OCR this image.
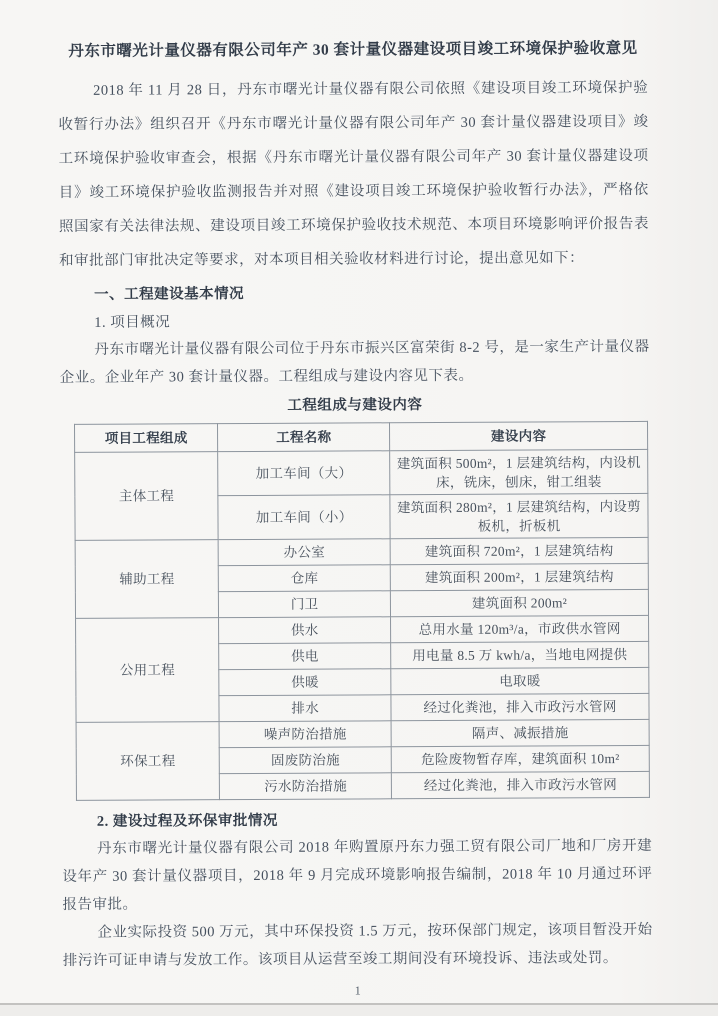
丹东市曙光计量仪器有限公司年产 30 套计量仪器建设项目竣工环境保护验收意见

2018 年 11 月 28 日，丹东市曙光计量仪器有限公司依照《建设项目竣工环境保护验收暂行办法》组织召开《丹东市曙光计量仪器有限公司年产 30 套计量仪器建设项目》竣工环境保护验收审查会，根据《丹东市曙光计量仪器有限公司年产 30 套计量仪器建设项目》竣工环境保护验收监测报告并对照《建设项目竣工环境保护验收暂行办法》，严格依照国家有关法律法规、建设项目竣工环境保护验收技术规范、本项目环境影响评价报告表和审批部门审批决定等要求，对本项目相关验收材料进行讨论，提出意见如下：

一、工程建设基本情况

1. 项目概况

丹东市曙光计量仪器有限公司位于丹东市振兴区富荣街 8-2 号，是一家生产计量仪器企业。企业年产 30 套计量仪器。工程组成与建设内容见下表。

工程组成与建设内容
项目工程组成	工程名称	建设内容
主体工程	加工车间（大）	建筑面积 500m²，1 层建筑结构，内设机床，铣床，刨床，钳工组装
	加工车间（小）	建筑面积 280m²，1 层建筑结构，内设剪板机，折板机
辅助工程	办公室	建筑面积 720m²，1 层建筑结构
	仓库	建筑面积 200m²，1 层建筑结构
	门卫	建筑面积 200m²
公用工程	供水	总用水量 120m³/a，市政供水管网
	供电	用电量 8.5 万 kwh/a，当地电网提供
	供暖	电取暖
	排水	经过化粪池，排入市政污水管网
环保工程	噪声防治措施	隔声、减振措施
	固废防治施	危险废物暂存库，建筑面积 10m²
	污水防治措施	经过化粪池，排入市政污水管网
2. 建设过程及环保审批情况

丹东市曙光计量仪器有限公司 2018 年购置原丹东力强工贸有限公司厂地和厂房开建设年产 30 套计量仪器项目，2018 年 9 月完成环境影响报告编制，2018 年 10 月通过环评报告审批。

企业实际投资 500 万元，其中环保投资 1.5 万元，按环保部门规定，该项目暂没开始排污许可证申请与发放工作。该项目从运营至竣工期间没有环境投诉、违法或处罚。

1
